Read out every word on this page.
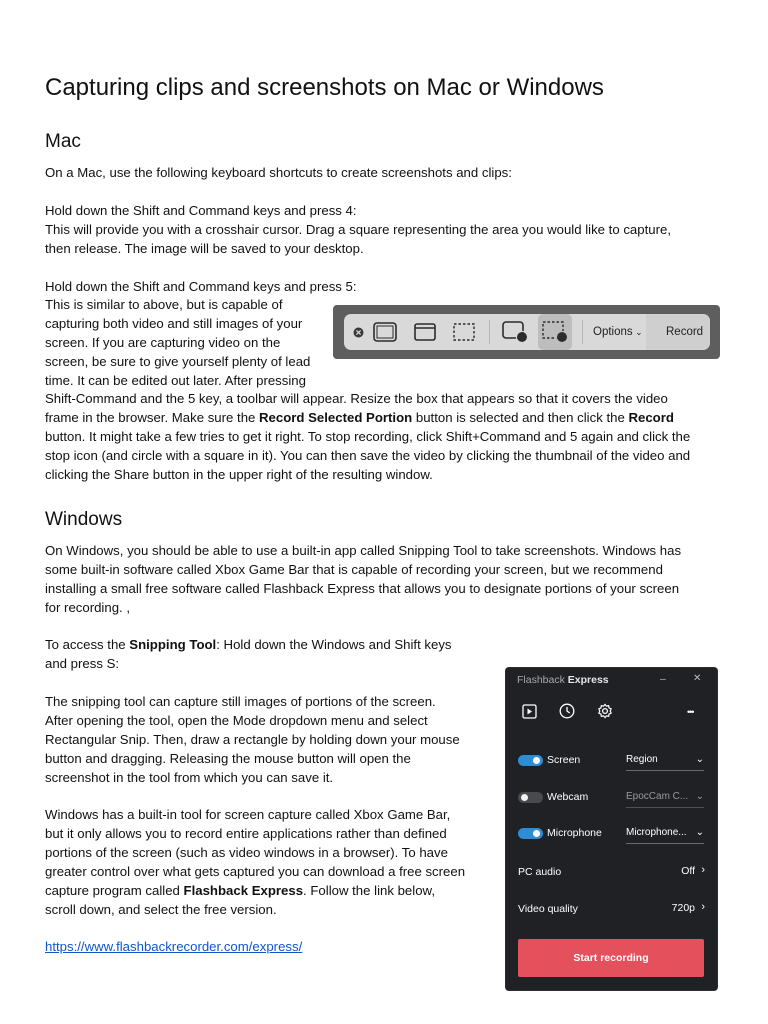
Capturing clips and screenshots on Mac or Windows
Mac

On a Mac, use the following keyboard shortcuts to create screenshots and clips:

Hold down the Shift and Command keys and press 4:

This will provide you with a crosshair cursor. Drag a square representing the area you would like to capture,

then release. The image will be saved to your desktop.

Hold down the Shift and Command keys and press 5:

This is similar to above, but is capable of

capturing both video and still images of your

screen. If you are capturing video on the

screen, be sure to give yourself plenty of lead

time. It can be edited out later. After pressing

Shift-Command and the 5 key, a toolbar will appear. Resize the box that appears so that it covers the video

frame in the browser. Make sure the Record Selected Portion button is selected and then click the Record

button. It might take a few tries to get it right. To stop recording, click Shift+Command and 5 again and click the

stop icon (and circle with a square in it). You can then save the video by clicking the thumbnail of the video and

clicking the Share button in the upper right of the resulting window.

Options ⌄ Record
Windows

On Windows, you should be able to use a built-in app called Snipping Tool to take screenshots. Windows has

some built-in software called Xbox Game Bar that is capable of recording your screen, but we recommend

installing a small free software called Flashback Express that allows you to designate portions of your screen

for recording. ,

To access the Snipping Tool: Hold down the Windows and Shift keys

and press S:

The snipping tool can capture still images of portions of the screen.

After opening the tool, open the Mode dropdown menu and select

Rectangular Snip. Then, draw a rectangle by holding down your mouse

button and dragging. Releasing the mouse button will open the

screenshot in the tool from which you can save it.

Windows has a built-in tool for screen capture called Xbox Game Bar,

but it only allows you to record entire applications rather than defined

portions of the screen (such as video windows in a browser). To have

greater control over what gets captured you can download a free screen

capture program called Flashback Express. Follow the link below,

scroll down, and select the free version.

https://www.flashbackrecorder.com/express/
Flashback Express	–	✕
•••
Screen	Region	⌄
Webcam	EpocCam C... ⌄
Microphone Microphone... ⌄
PC audio	Off ›
Video quality	720p ›
Start recording
